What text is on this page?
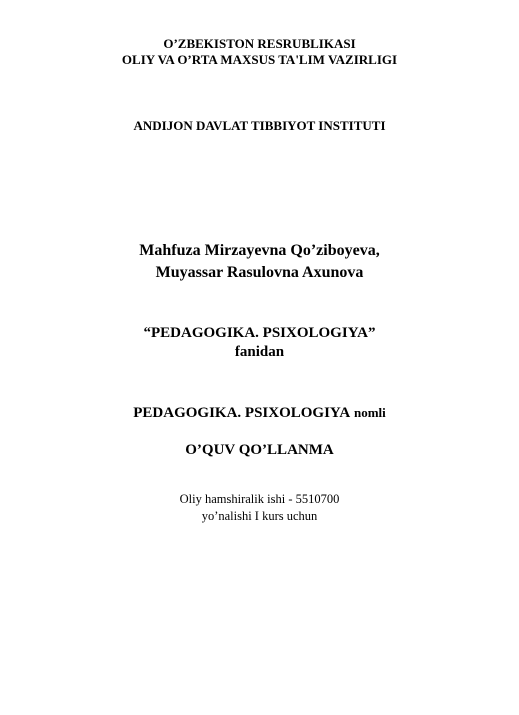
O’ZBEKISTON RESRUBLIKASI
OLIY VA O’RTA MAXSUS TA'LIM VAZIRLIGI
ANDIJON DAVLAT TIBBIYOT INSTITUTI
Mahfuza Mirzayevna Qo’ziboyeva,
Muyassar Rasulovna Axunova
“PEDAGOGIKA. PSIXOLOGIYA”
fanidan
PEDAGOGIKA. PSIXOLOGIYA nomli
O’QUV QO’LLANMA
Oliy hamshiralik ishi - 5510700
yo’nalishi I kurs uchun
